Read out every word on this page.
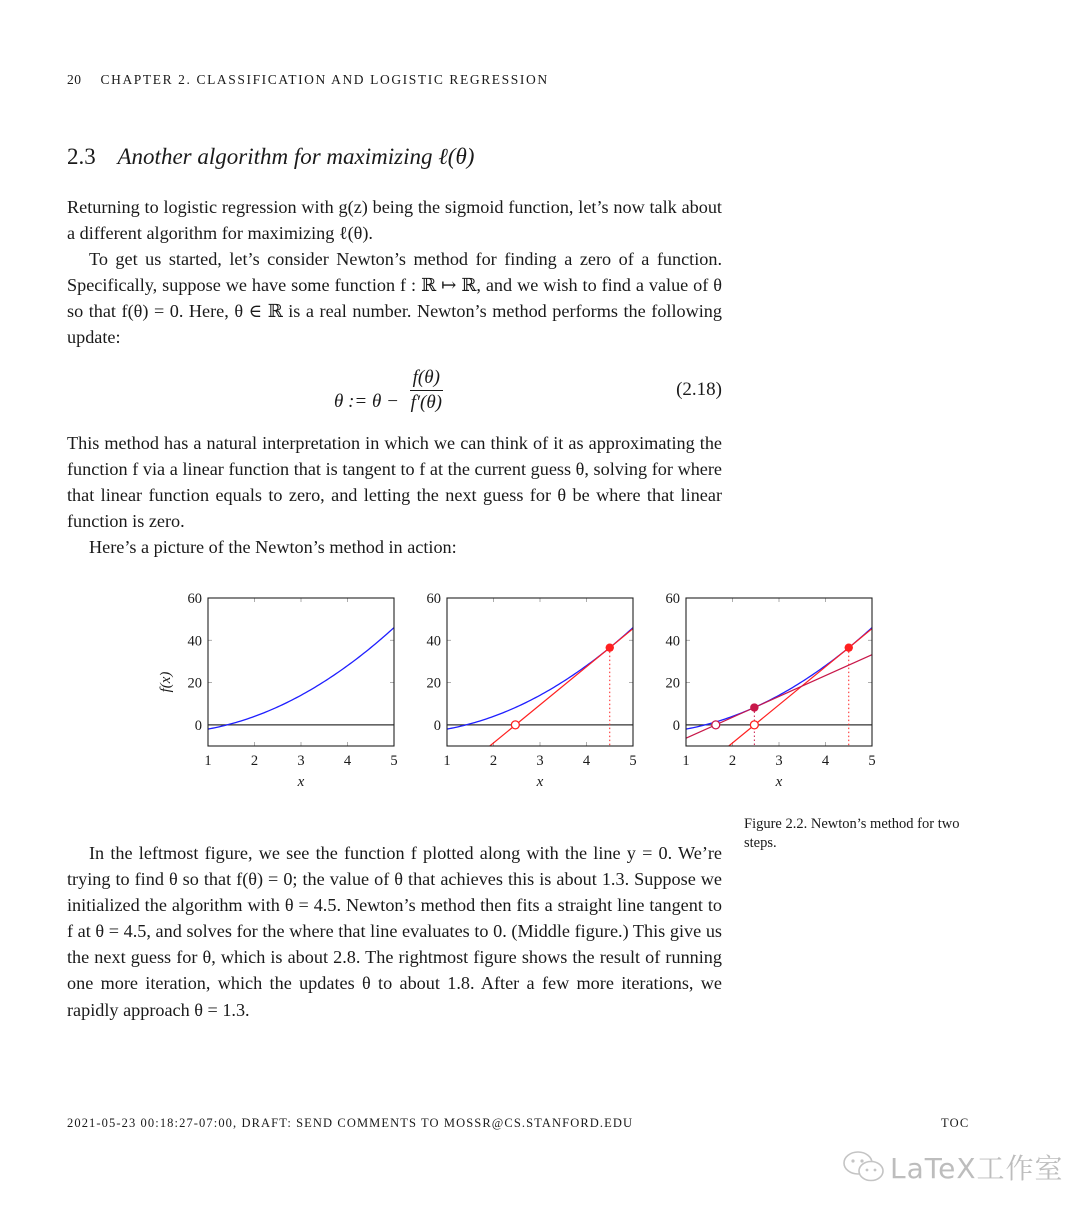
20 CHAPTER 2. CLASSIFICATION AND LOGISTIC REGRESSION
2.3 Another algorithm for maximizing ℓ(θ)

Returning to logistic regression with g(z) being the sigmoid function, let’s now talk about a different algorithm for maximizing ℓ(θ).

To get us started, let’s consider Newton’s method for finding a zero of a function. Specifically, suppose we have some function f : ℝ ↦ ℝ, and we wish to find a value of θ so that f(θ) = 0. Here, θ ∈ ℝ is a real number. Newton’s method performs the following update:

θ := $\theta - \frac{f(\theta)}{f'(\theta)}$	(2.18)

This method has a natural interpretation in which we can think of it as approximating the function f via a linear function that is tangent to f at the current guess θ, solving for where that linear function equals to zero, and letting the next guess for θ be where that linear function is zero.

Here’s a picture of the Newton’s method in action:

1	2	3	4	5
0
20
40
60
x
f(x)
1	2	3	4	5
0
20
40
60
x
1	2	3	4	5
0
20
40
60
x
Figure 2.2. Newton’s method for two steps.

In the leftmost figure, we see the function f plotted along with the line y = 0. We’re trying to find θ so that f(θ) = 0; the value of θ that achieves this is about 1.3. Suppose we initialized the algorithm with θ = 4.5. Newton’s method then fits a straight line tangent to f at θ = 4.5, and solves for the where that line evaluates to 0. (Middle figure.) This give us the next guess for θ, which is about 2.8. The rightmost figure shows the result of running one more iteration, which the updates θ to about 1.8. After a few more iterations, we rapidly approach θ = 1.3.

2021-05-23 00:18:27-07:00, DRAFT: SEND COMMENTS TO MOSSR@CS.STANFORD.EDU	TOC
LaTeX工作室
